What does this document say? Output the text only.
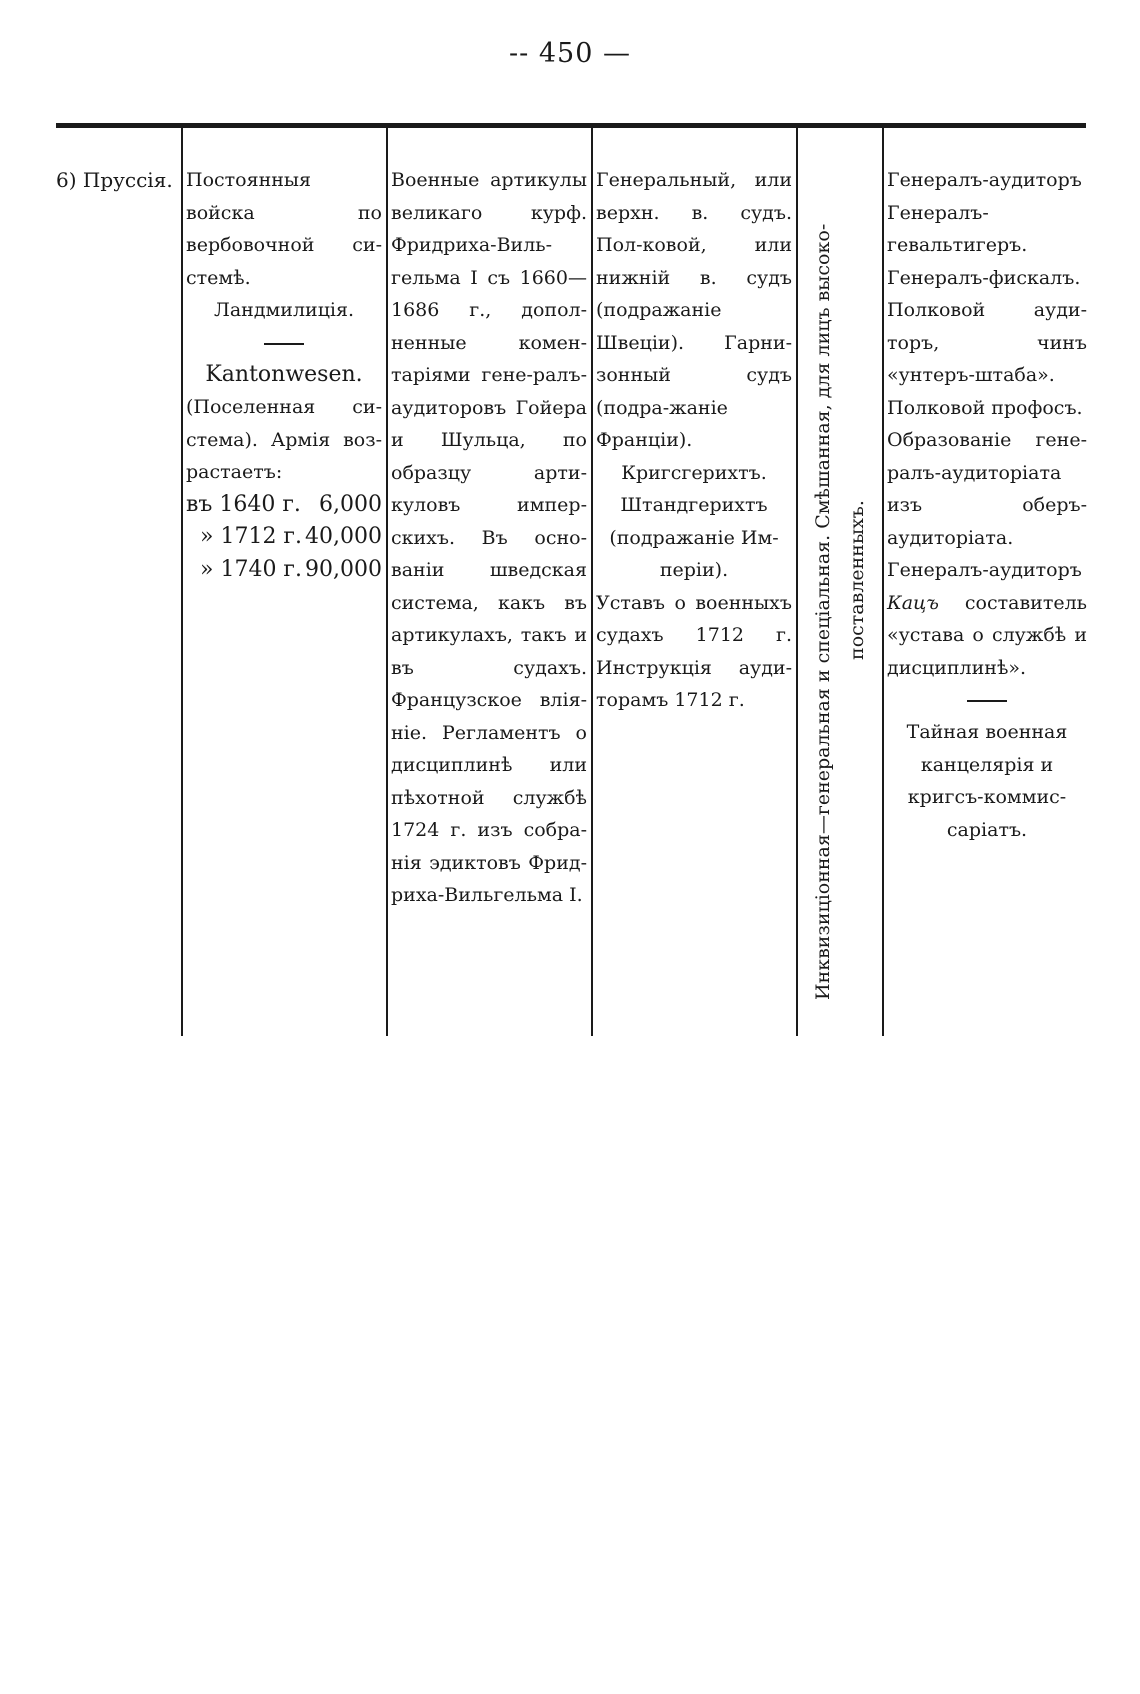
-- 450 —
6) Пруссія. Постоянныя войска по вербовочной си-стемѣ.

Ландмилиція.

Kantonwesen.

(Поселенная си-стема). Армія воз-растаетъ:

въ 1640 г. 6,000
» 1712 г. 40,000
» 1740 г. 90,000

Военные артикулы великаго курф. Фридриха-Виль-гельма I съ 1660—1686 г., допол-ненные комен-таріями гене-ралъ-аудиторовъ Гойера и Шульца, по образцу арти-куловъ импер-скихъ. Въ осно-ваніи шведская система, какъ въ артикулахъ, такъ и въ судахъ. Французское влія-ніе. Регламентъ о дисциплинѣ или пѣхотной службѣ 1724 г. изъ собра-нія эдиктовъ Фрид-риха-Вильгельма I.

Генеральный, или верхн. в. судъ. Пол-ковой, или нижній в. судъ (подражаніе Швеціи). Гарни-зонный судъ (подра-жаніе Франціи).

Кригсгерихтъ.

Штандгерихтъ (подражаніе Им-періи).

Уставъ о военныхъ судахъ 1712 г. Инструкція ауди-торамъ 1712 г.	Инквизиціонная—генеральная и спеціальная. Смѣшанная, для лицъ высоко- поставленныхъ.

Генералъ-аудиторъ Генералъ-гевальтигеръ.

Генералъ-фискалъ. Полковой ауди-торъ, чинъ «унтеръ-штаба». Полковой профосъ.

Образованіе гене-ралъ-аудиторіата изъ оберъ-аудиторіата.

Генералъ-аудиторъ Кацъ составитель «устава о службѣ и дисциплинѣ».

Тайная военная канцелярія и кригсъ-коммис-саріатъ.
